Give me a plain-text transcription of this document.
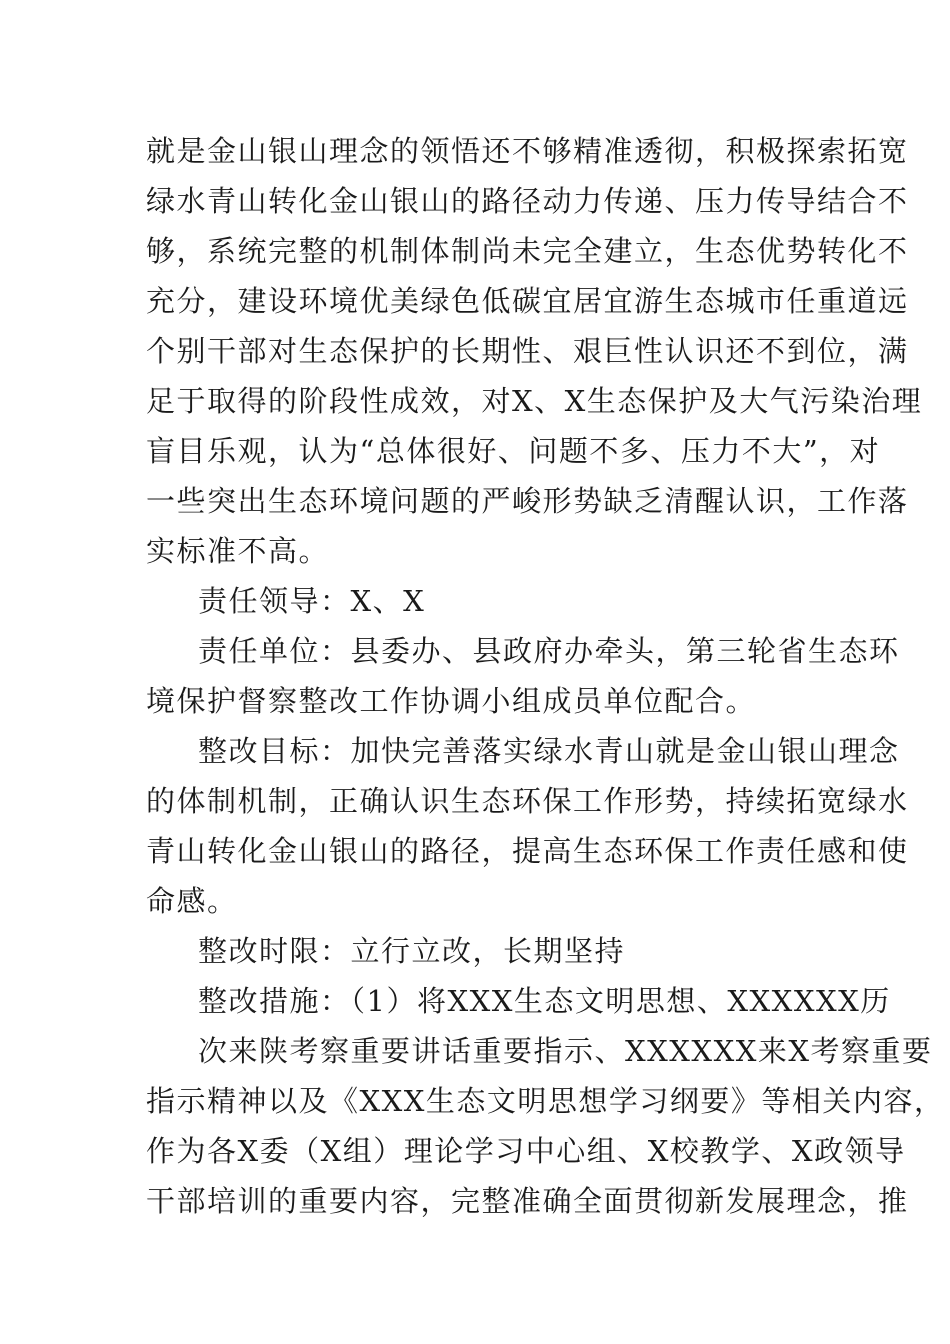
就是金山银山理念的领悟还不够精准透彻，积极探索拓宽
绿水青山转化金山银山的路径动力传递、压力传导结合不
够，系统完整的机制体制尚未完全建立，生态优势转化不
充分，建设环境优美绿色低碳宜居宜游生态城市任重道远
个别干部对生态保护的长期性、艰巨性认识还不到位，满
足于取得的阶段性成效，对X、X生态保护及大气污染治理
盲目乐观，认为“总体很好、问题不多、压力不大”，对
一些突出生态环境问题的严峻形势缺乏清醒认识，工作落
实标准不高。
责任领导：X、X
责任单位：县委办、县政府办牵头，第三轮省生态环
境保护督察整改工作协调小组成员单位配合。
整改目标：加快完善落实绿水青山就是金山银山理念
的体制机制，正确认识生态环保工作形势，持续拓宽绿水
青山转化金山银山的路径，提高生态环保工作责任感和使
命感。
整改时限：立行立改，长期坚持
整改措施：（1）将XXX生态文明思想、XXXXXX历
次来陕考察重要讲话重要指示、XXXXXX来X考察重要
指示精神以及《XXX生态文明思想学习纲要》等相关内容，
作为各X委（X组）理论学习中心组、X校教学、X政领导
干部培训的重要内容，完整准确全面贯彻新发展理念，推
